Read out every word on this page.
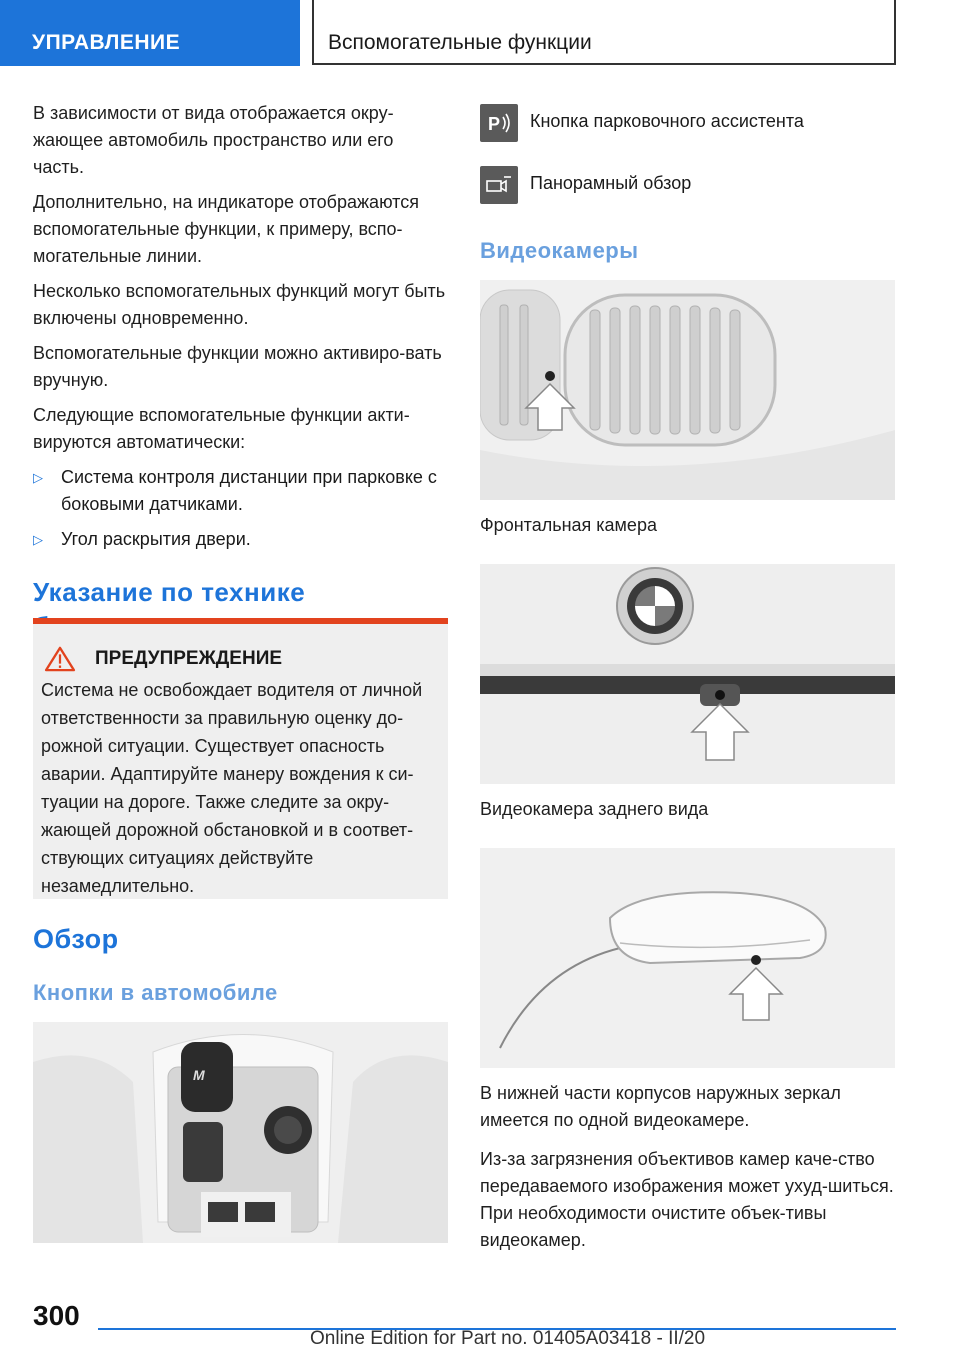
УПРАВЛЕНИЕ	Вспомогательные функции

В зависимости от вида отображается окру-жающее автомобиль пространство или его часть.

Дополнительно, на индикаторе отображаются вспомогательные функции, к примеру, вспо-могательные линии.

Несколько вспомогательных функций могут быть включены одновременно.

Вспомогательные функции можно активиро-вать вручную.

Следующие вспомогательные функции акти-вируются автоматически:

▷	Система контроля дистанции при парковке с боковыми датчиками.
▷	Угол раскрытия двери.
Указание по технике
ПРЕДУПРЕЖДЕНИЕ
Система не освобождает водителя от личной ответственности за правильную оценку до-рожной ситуации. Существует опасность аварии. Адаптируйте манеру вождения к си-туации на дороге. Также следите за окру-жающей дорожной обстановкой и в соответ-ствующих ситуациях действуйте незамедлительно.
Обзор
Кнопки в автомобиле
M
P Кнопка парковочного ассистента
Панорамный обзор
Видеокамеры
Фронтальная камера
Видеокамера заднего вида
В нижней части корпусов наружных зеркал имеется по одной видеокамере.
Из-за загрязнения объективов камер каче-ство передаваемого изображения может ухуд-шиться. При необходимости очистите объек-тивы видеокамер.
300
Online Edition for Part no. 01405A03418 - II/20
